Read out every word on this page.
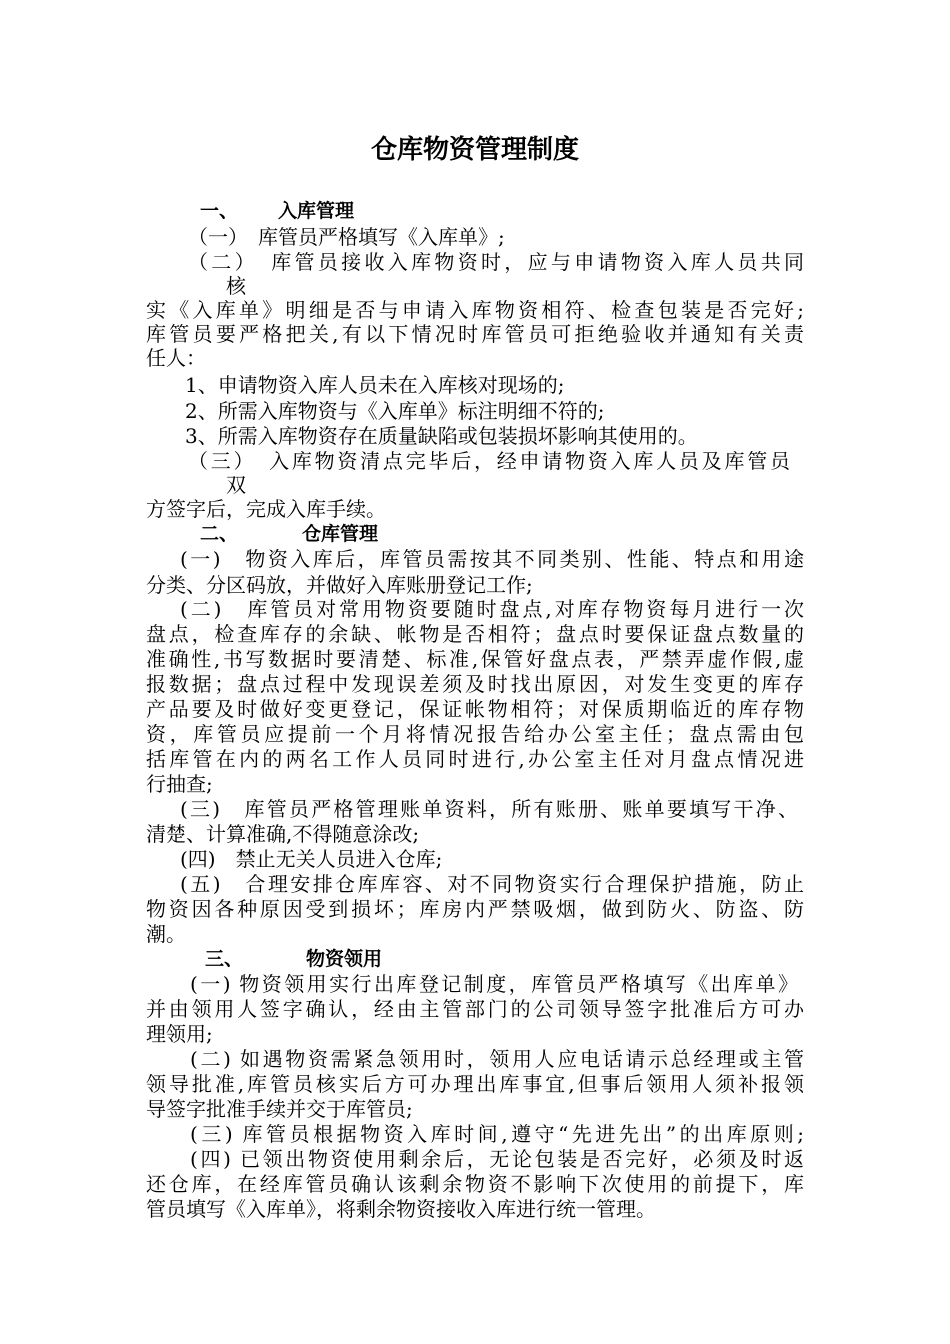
仓库物资管理制度
一、 入库管理
（一）　库管员严格填写《入库单》;
（二）　库管员接收入库物资时，应与申请物资入库人员共同
核
实《入库单》明细是否与申请入库物资相符、检查包装是否完好;
库管员要严格把关,有以下情况时库管员可拒绝验收并通知有关责
任人：
1、申请物资入库人员未在入库核对现场的;
2、所需入库物资与《入库单》标注明细不符的;
3、所需入库物资存在质量缺陷或包装损坏影响其使用的。
（三）　入库物资清点完毕后，经申请物资入库人员及库管员
双
方签字后，完成入库手续。
二、	仓库管理
(一)　物资入库后，库管员需按其不同类别、性能、特点和用途
分类、分区码放，并做好入库账册登记工作;
(二)　库管员对常用物资要随时盘点,对库存物资每月进行一次
盘点，检查库存的余缺、帐物是否相符；盘点时要保证盘点数量的
准确性,书写数据时要清楚、标准,保管好盘点表，严禁弄虚作假,虚
报数据；盘点过程中发现误差须及时找出原因，对发生变更的库存
产品要及时做好变更登记，保证帐物相符；对保质期临近的库存物
资，库管员应提前一个月将情况报告给办公室主任；盘点需由包
括库管在内的两名工作人员同时进行,办公室主任对月盘点情况进
行抽查;
(三)　库管员严格管理账单资料，所有账册、账单要填写干净、
清楚、计算准确,不得随意涂改;
(四)　禁止无关人员进入仓库;
(五)　合理安排仓库库容、对不同物资实行合理保护措施，防止
物资因各种原因受到损坏；库房内严禁吸烟，做到防火、防盗、防
潮。
三、	物资领用
(一) 物资领用实行出库登记制度，库管员严格填写《出库单》
并由领用人签字确认，经由主管部门的公司领导签字批准后方可办
理领用;
(二) 如遇物资需紧急领用时，领用人应电话请示总经理或主管
领导批准,库管员核实后方可办理出库事宜,但事后领用人须补报领
导签字批准手续并交于库管员;
(三) 库管员根据物资入库时间,遵守“先进先出”的出库原则;
(四) 已领出物资使用剩余后，无论包装是否完好，必须及时返
还仓库，在经库管员确认该剩余物资不影响下次使用的前提下，库
管员填写《入库单》，将剩余物资接收入库进行统一管理。
